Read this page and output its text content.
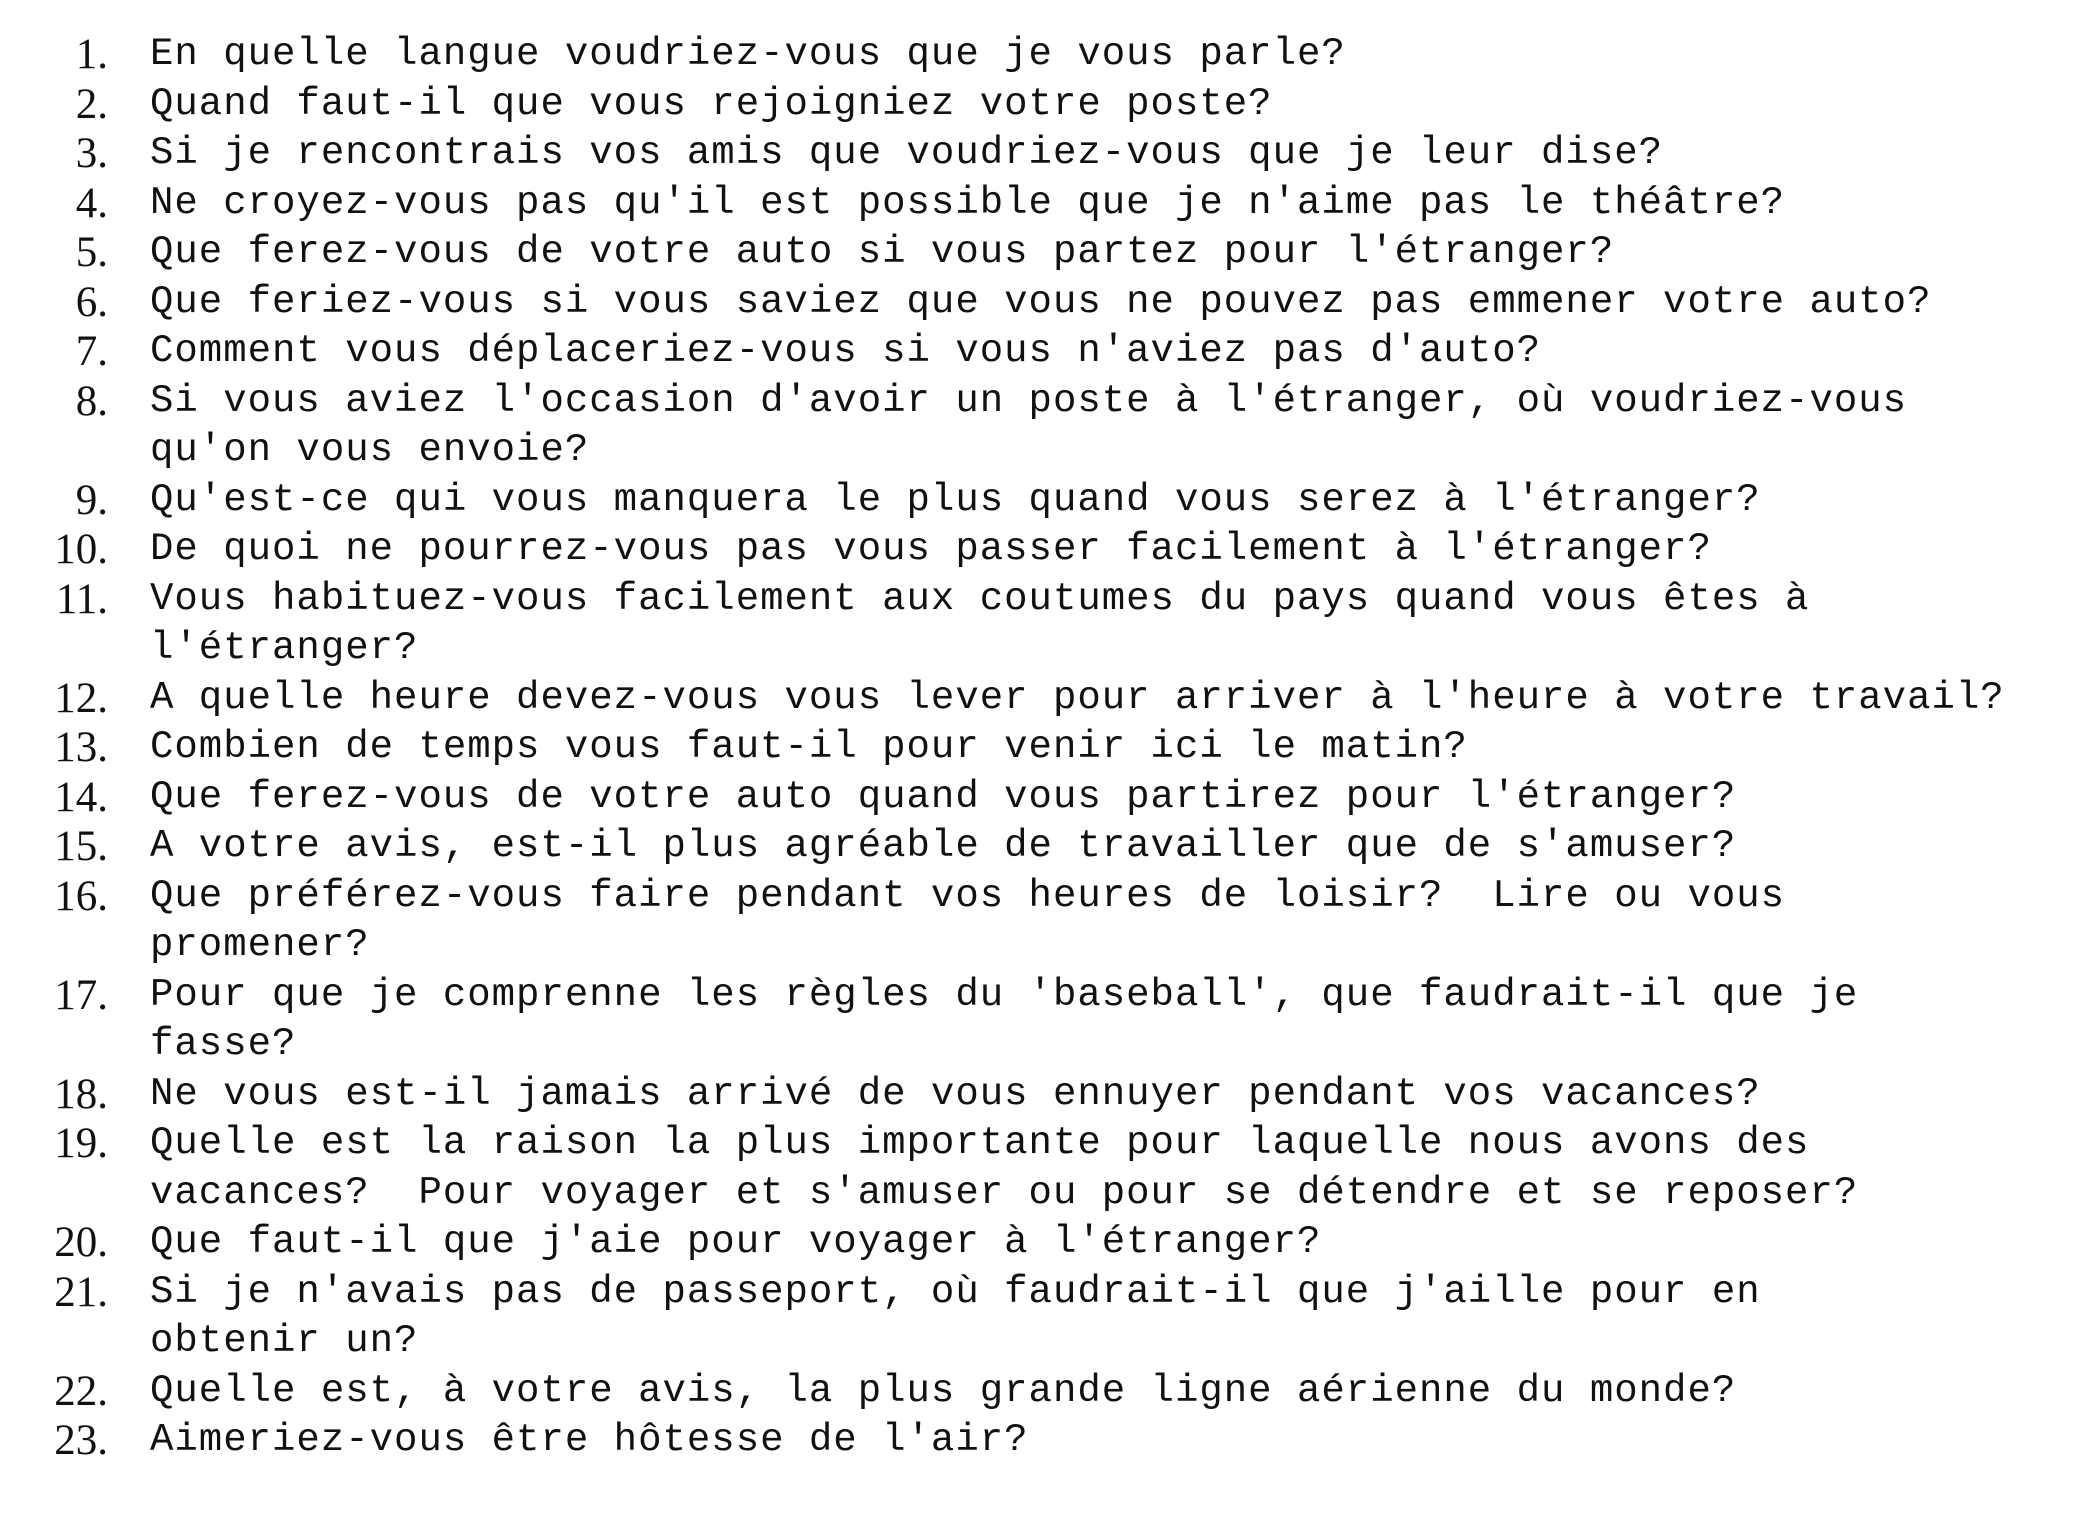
1. En quelle langue voudriez-vous que je vous parle?
2. Quand faut-il que vous rejoigniez votre poste?
3. Si je rencontrais vos amis que voudriez-vous que je leur dise?
4. Ne croyez-vous pas qu'il est possible que je n'aime pas le théâtre?
5. Que ferez-vous de votre auto si vous partez pour l'étranger?
6. Que feriez-vous si vous saviez que vous ne pouvez pas emmener votre auto?
7. Comment vous déplaceriez-vous si vous n'aviez pas d'auto?
8. Si vous aviez l'occasion d'avoir un poste à l'étranger, où voudriez-vous
qu'on vous envoie?
9. Qu'est-ce qui vous manquera le plus quand vous serez à l'étranger?
10. De quoi ne pourrez-vous pas vous passer facilement à l'étranger?
11. Vous habituez-vous facilement aux coutumes du pays quand vous êtes à
l'étranger?
12. A quelle heure devez-vous vous lever pour arriver à l'heure à votre travail?
13. Combien de temps vous faut-il pour venir ici le matin?
14. Que ferez-vous de votre auto quand vous partirez pour l'étranger?
15. A votre avis, est-il plus agréable de travailler que de s'amuser?
16. Que préférez-vous faire pendant vos heures de loisir?  Lire ou vous
promener?
17. Pour que je comprenne les règles du 'baseball', que faudrait-il que je
fasse?
18. Ne vous est-il jamais arrivé de vous ennuyer pendant vos vacances?
19. Quelle est la raison la plus importante pour laquelle nous avons des
vacances?  Pour voyager et s'amuser ou pour se détendre et se reposer?
20. Que faut-il que j'aie pour voyager à l'étranger?
21. Si je n'avais pas de passeport, où faudrait-il que j'aille pour en
obtenir un?
22. Quelle est, à votre avis, la plus grande ligne aérienne du monde?
23. Aimeriez-vous être hôtesse de l'air?
